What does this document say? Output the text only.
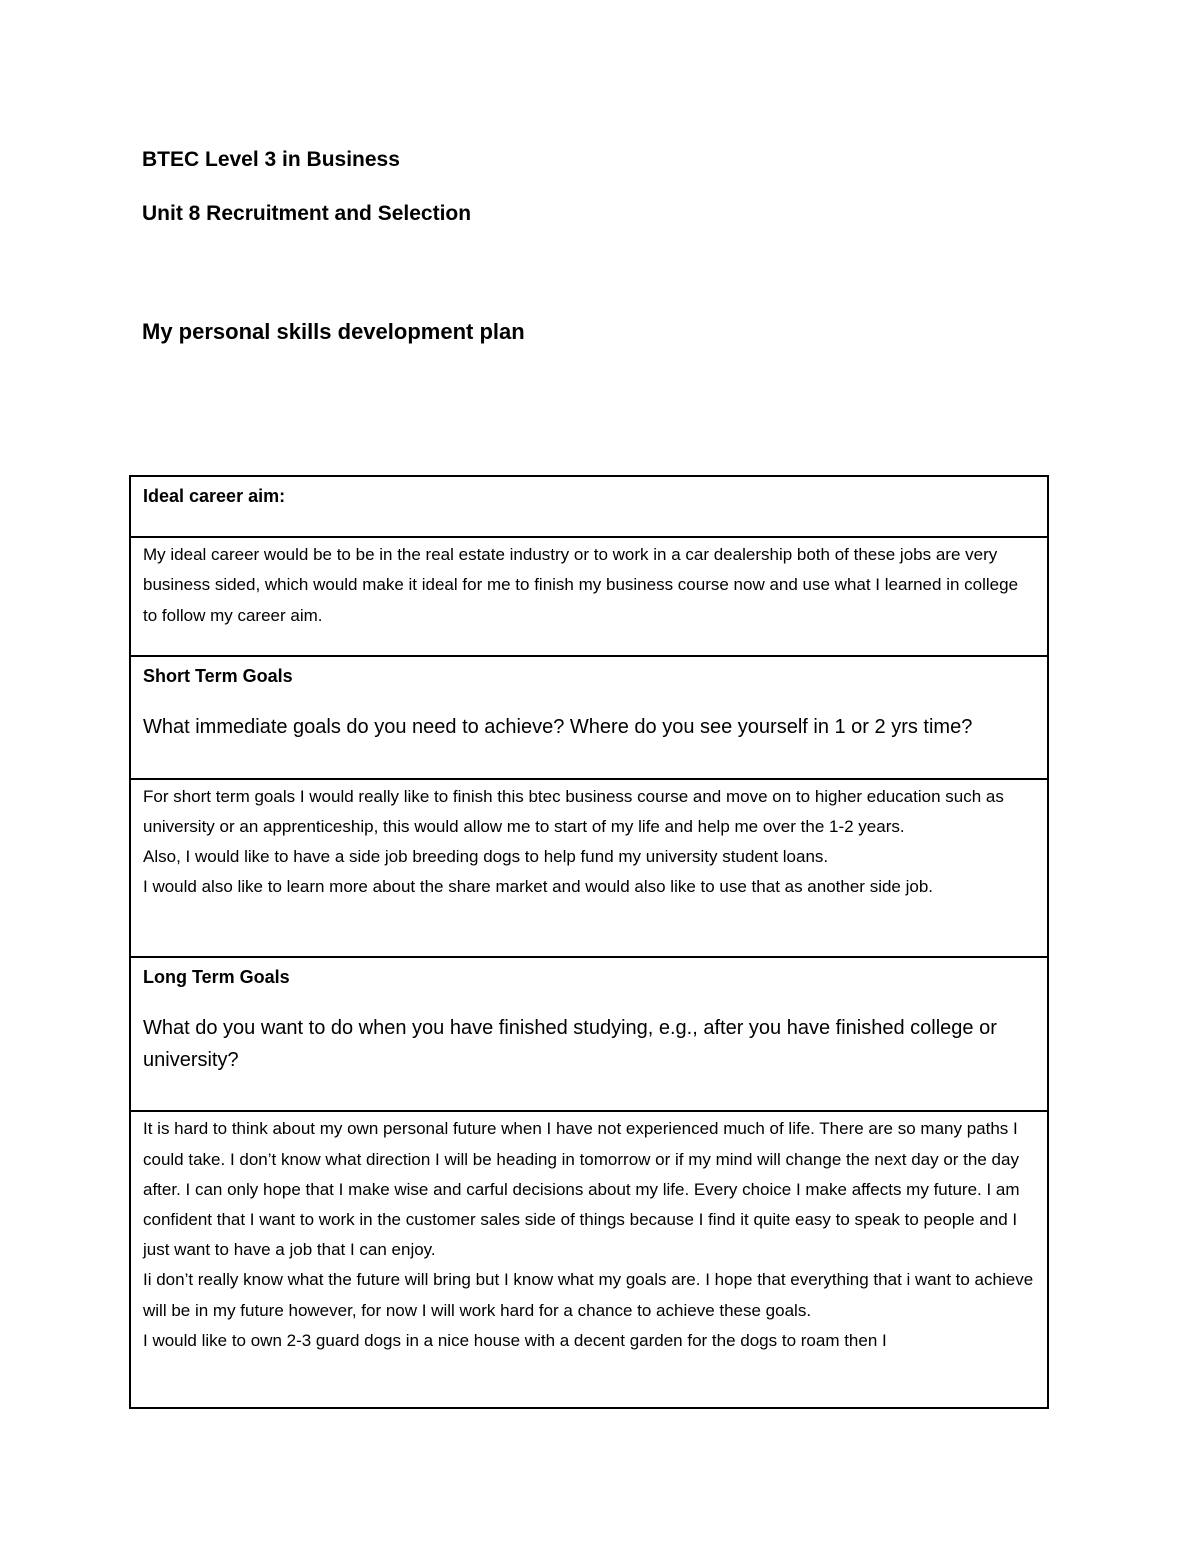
BTEC Level 3 in Business

Unit 8 Recruitment and Selection

My personal skills development plan

Ideal career aim:

My ideal career would be to be in the real estate industry or to work in a car dealership both of these jobs are very business sided, which would make it ideal for me to finish my business course now and use what I learned in college to follow my career aim.

Short Term Goals

What immediate goals do you need to achieve? Where do you see yourself in 1 or 2 yrs time?

For short term goals I would really like to finish this btec business course and move on to higher education such as university or an apprenticeship, this would allow me to start of my life and help me over the 1-2 years.

Also, I would like to have a side job breeding dogs to help fund my university student loans.

I would also like to learn more about the share market and would also like to use that as another side job.

Long Term Goals

What do you want to do when you have finished studying, e.g., after you have finished college or university?

It is hard to think about my own personal future when I have not experienced much of life. There are so many paths I could take. I don’t know what direction I will be heading in tomorrow or if my mind will change the next day or the day after. I can only hope that I make wise and carful decisions about my life. Every choice I make affects my future. I am confident that I want to work in the customer sales side of things because I find it quite easy to speak to people and I just want to have a job that I can enjoy.

Ii don’t really know what the future will bring but I know what my goals are. I hope that everything that i want to achieve will be in my future however, for now I will work hard for a chance to achieve these goals.

I would like to own 2-3 guard dogs in a nice house with a decent garden for the dogs to roam then I
